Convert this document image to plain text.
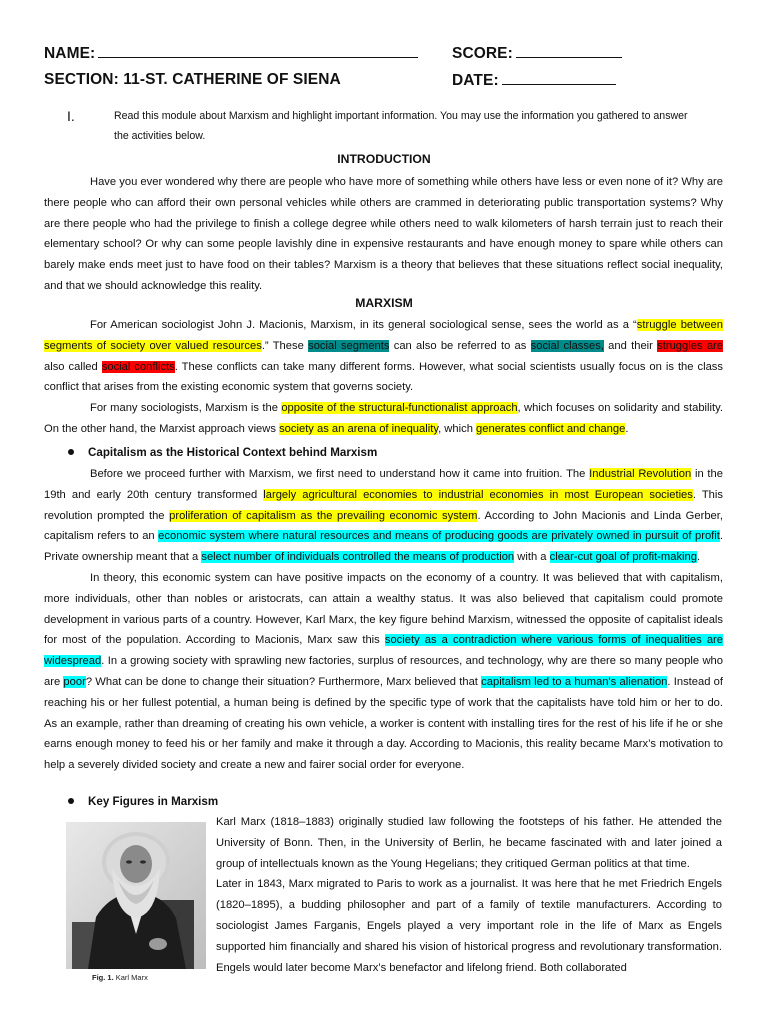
NAME:	SCORE:
SECTION: 11-ST. CATHERINE OF SIENA	DATE:
I.	Read this module about Marxism and highlight important information. You may use the information you gathered to answer
the activities below.
INTRODUCTION

Have you ever wondered why there are people who have more of something while others have less or even none of it? Why are there people who can afford their own personal vehicles while others are crammed in deteriorating public transportation systems? Why are there people who had the privilege to finish a college degree while others need to walk kilometers of harsh terrain just to reach their elementary school? Or why can some people lavishly dine in expensive restaurants and have enough money to spare while others can barely make ends meet just to have food on their tables? Marxism is a theory that believes that these situations reflect social inequality, and that we should acknowledge this reality.

MARXISM

For American sociologist John J. Macionis, Marxism, in its general sociological sense, sees the world as a “struggle between segments of society over valued resources.” These social segments can also be referred to as social classes, and their struggles are also called social conflicts. These conflicts can take many different forms. However, what social scientists usually focus on is the class conflict that arises from the existing economic system that governs society.

For many sociologists, Marxism is the opposite of the structural-functionalist approach, which focuses on solidarity and stability. On the other hand, the Marxist approach views society as an arena of inequality, which generates conflict and change.

Capitalism as the Historical Context behind Marxism

Before we proceed further with Marxism, we first need to understand how it came into fruition. The Industrial Revolution in the 19th and early 20th century transformed largely agricultural economies to industrial economies in most European societies. This revolution prompted the proliferation of capitalism as the prevailing economic system. According to John Macionis and Linda Gerber, capitalism refers to an economic system where natural resources and means of producing goods are privately owned in pursuit of profit. Private ownership meant that a select number of individuals controlled the means of production with a clear-cut goal of profit-making.

In theory, this economic system can have positive impacts on the economy of a country. It was believed that with capitalism, more individuals, other than nobles or aristocrats, can attain a wealthy status. It was also believed that capitalism could promote development in various parts of a country. However, Karl Marx, the key figure behind Marxism, witnessed the opposite of capitalist ideals for most of the population. According to Macionis, Marx saw this society as a contradiction where various forms of inequalities are widespread. In a growing society with sprawling new factories, surplus of resources, and technology, why are there so many people who are poor? What can be done to change their situation? Furthermore, Marx believed that capitalism led to a human's alienation. Instead of reaching his or her fullest potential, a human being is defined by the specific type of work that the capitalists have told him or her to do. As an example, rather than dreaming of creating his own vehicle, a worker is content with installing tires for the rest of his life if he or she earns enough money to feed his or her family and make it through a day. According to Macionis, this reality became Marx’s motivation to help a severely divided society and create a new and fairer social order for everyone.

Key Figures in Marxism
Fig. 1. Karl Marx

Karl Marx (1818–1883) originally studied law following the footsteps of his father. He attended the University of Bonn. Then, in the University of Berlin, he became fascinated with and later joined a group of intellectuals known as the Young Hegelians; they critiqued German politics at that time.

Later in 1843, Marx migrated to Paris to work as a journalist. It was here that he met Friedrich Engels (1820–1895), a budding philosopher and part of a family of textile manufacturers. According to sociologist James Farganis, Engels played a very important role in the life of Marx as Engels supported him financially and shared his vision of historical progress and revolutionary transformation. Engels would later become Marx’s benefactor and lifelong friend. Both collaborated
